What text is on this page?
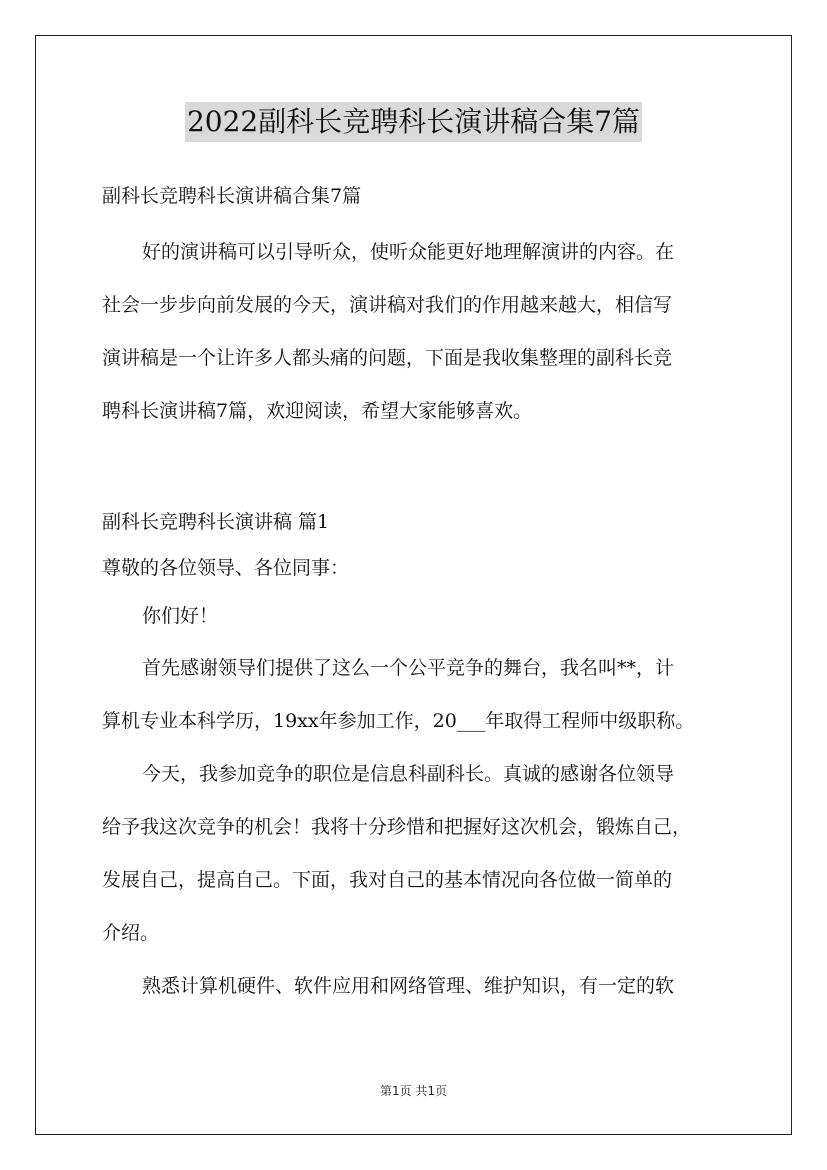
2022副科长竞聘科长演讲稿合集7篇
副科长竞聘科长演讲稿合集7篇
好的演讲稿可以引导听众，使听众能更好地理解演讲的内容。在
社会一步步向前发展的今天，演讲稿对我们的作用越来越大，相信写
演讲稿是一个让许多人都头痛的问题，下面是我收集整理的副科长竞
聘科长演讲稿7篇，欢迎阅读，希望大家能够喜欢。
副科长竞聘科长演讲稿 篇1
尊敬的各位领导、各位同事：
你们好！
首先感谢领导们提供了这么一个公平竞争的舞台，我名叫**，计
算机专业本科学历，19xx年参加工作，20___年取得工程师中级职称。
今天，我参加竞争的职位是信息科副科长。真诚的感谢各位领导
给予我这次竞争的机会！我将十分珍惜和把握好这次机会，锻炼自己，
发展自己，提高自己。下面，我对自己的基本情况向各位做一简单的
介绍。
熟悉计算机硬件、软件应用和网络管理、维护知识，有一定的软
第1页 共1页
